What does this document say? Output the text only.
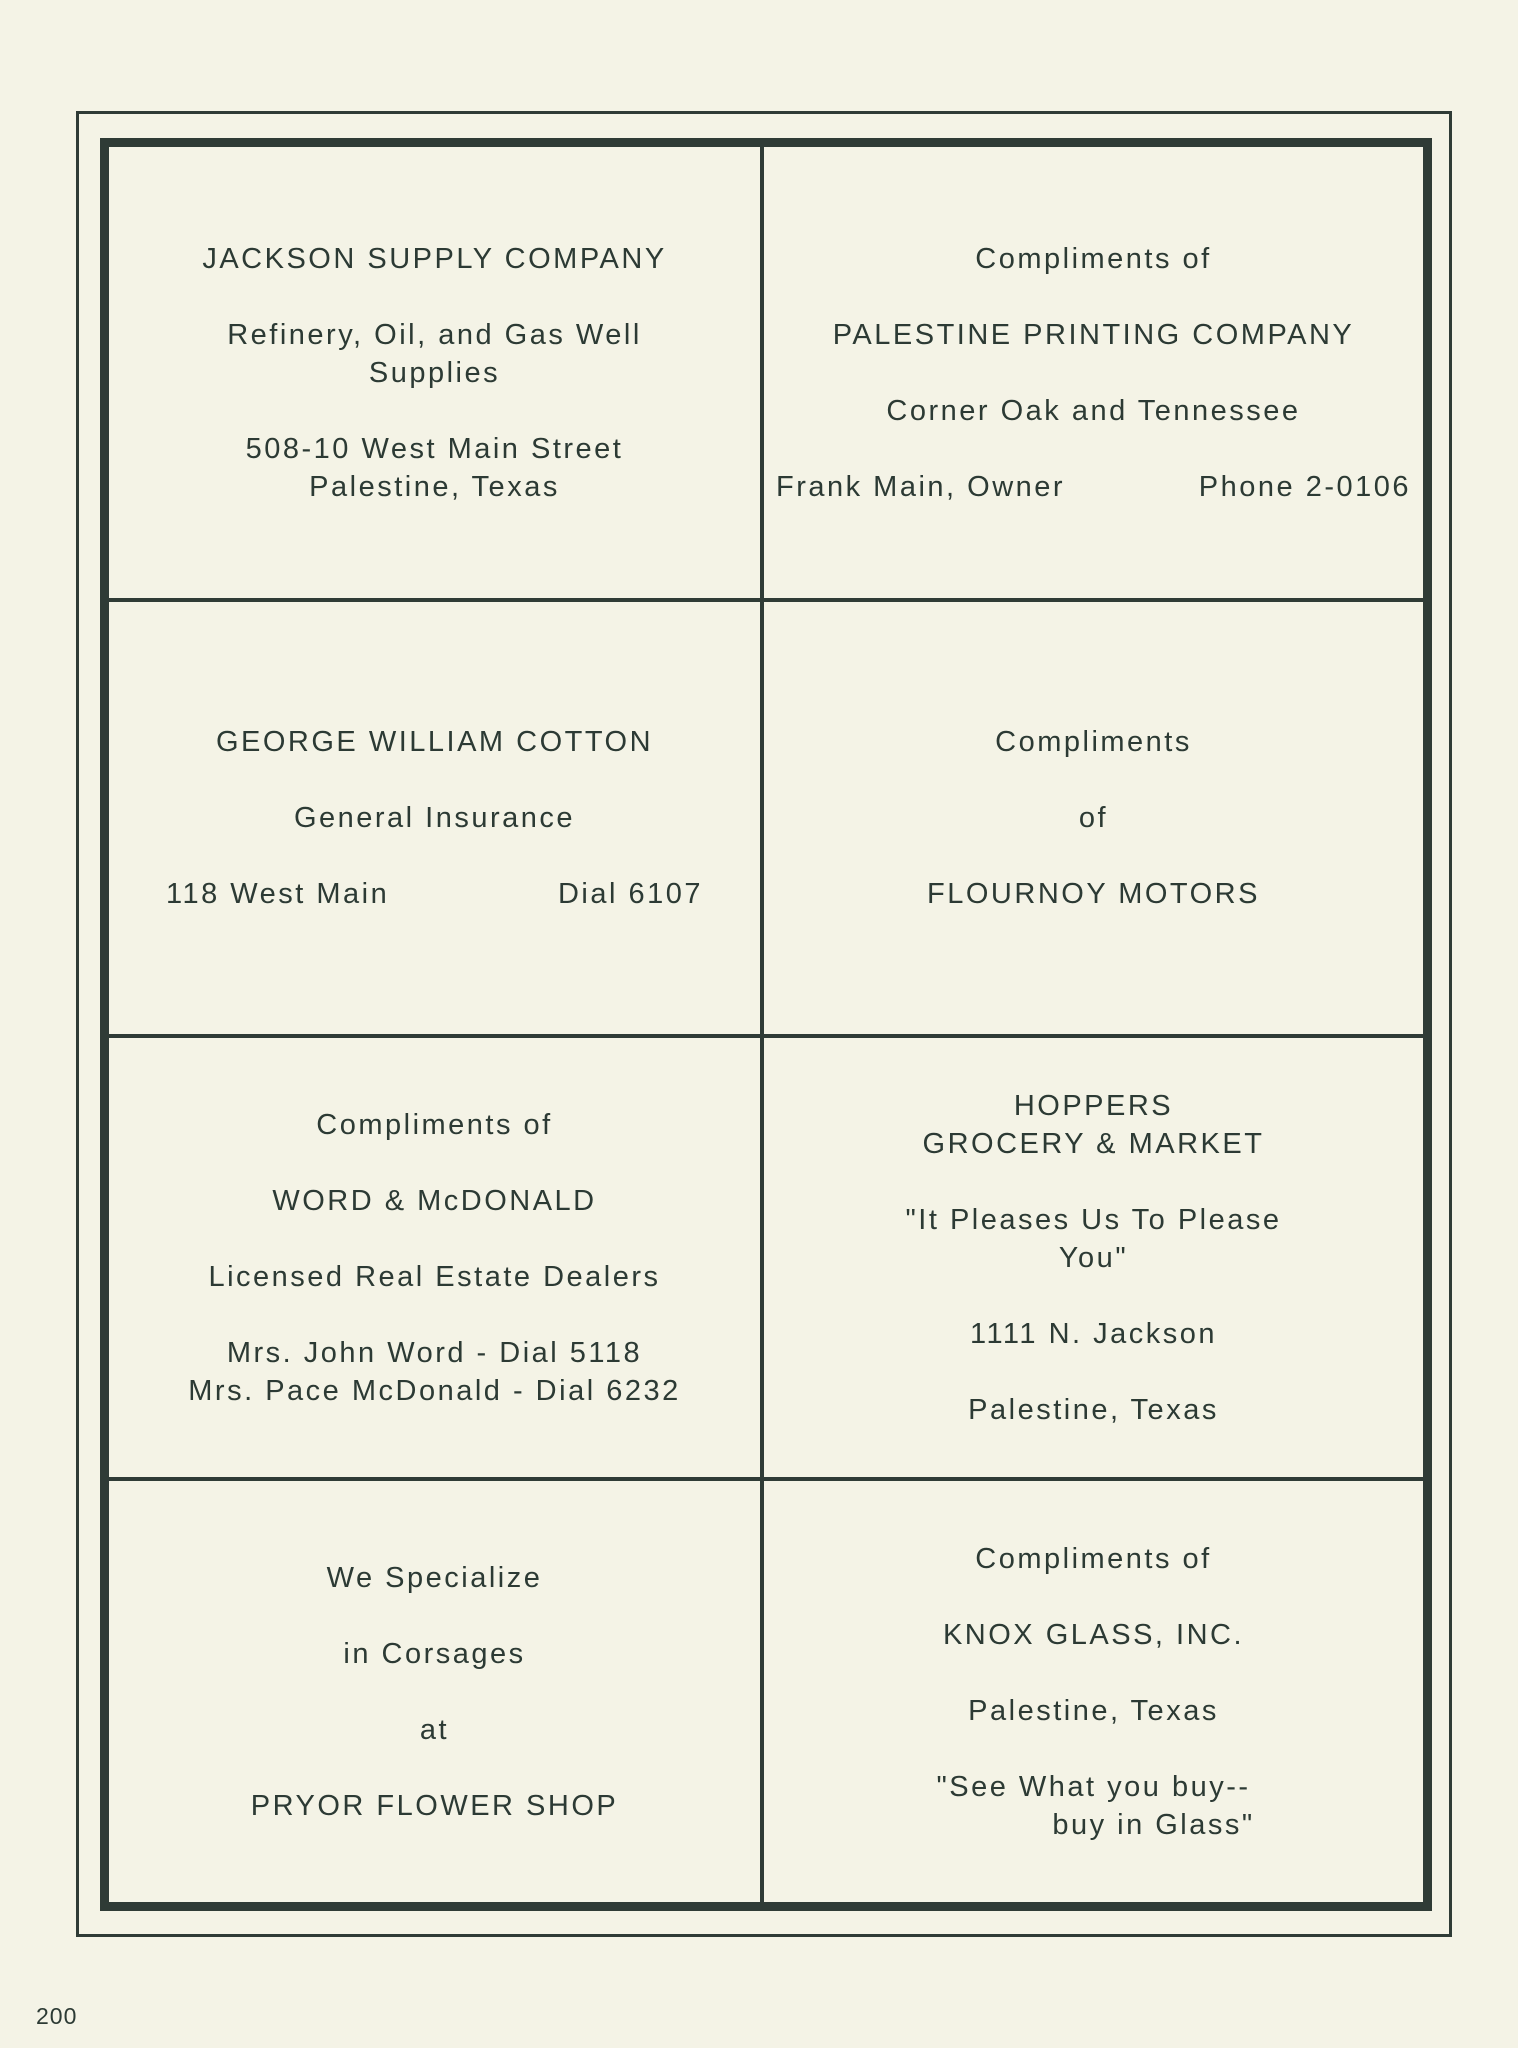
JACKSON SUPPLY COMPANY
Refinery, Oil, and Gas Well
Supplies
508-10 West Main Street
Palestine, Texas
Compliments of
PALESTINE PRINTING COMPANY
Corner Oak and Tennessee
Frank Main, Owner	Phone 2-0106
GEORGE WILLIAM COTTON
General Insurance
118 West Main	Dial 6107
Compliments
of
FLOURNOY MOTORS
Compliments of
WORD & McDONALD
Licensed Real Estate Dealers
Mrs. John Word - Dial 5118
Mrs. Pace McDonald - Dial 6232
HOPPERS
GROCERY & MARKET
"It Pleases Us To Please
You"
1111 N. Jackson
Palestine, Texas
We Specialize
in Corsages
at
PRYOR FLOWER SHOP
Compliments of
KNOX GLASS, INC.
Palestine, Texas
"See What you buy--
buy in Glass"
200
